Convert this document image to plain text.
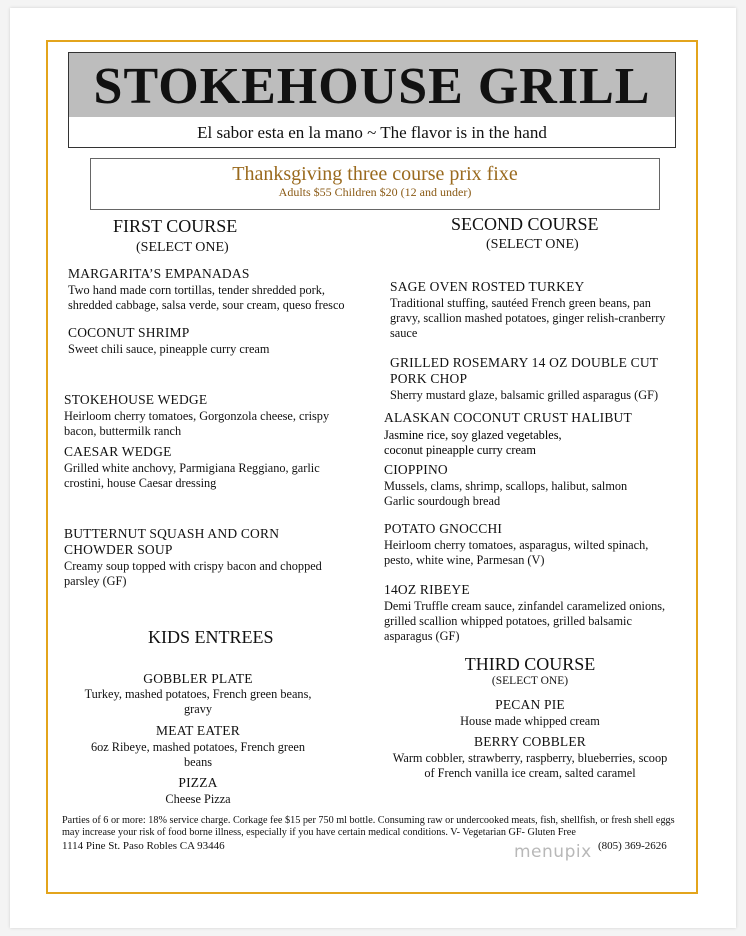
STOKEHOUSE GRILL
El sabor esta en la mano ~ The flavor is in the hand
Thanksgiving three course prix fixe
Adults $55 Children $20 (12 and under)
FIRST COURSE
(SELECT ONE)
MARGARITA’S EMPANADAS
Two hand made corn tortillas, tender shredded pork,
shredded cabbage, salsa verde, sour cream, queso fresco
COCONUT SHRIMP
Sweet chili sauce, pineapple curry cream
STOKEHOUSE WEDGE
Heirloom cherry tomatoes, Gorgonzola cheese, crispy
bacon, buttermilk ranch
CAESAR WEDGE
Grilled white anchovy, Parmigiana Reggiano, garlic
crostini, house Caesar dressing
BUTTERNUT SQUASH AND CORN
CHOWDER SOUP
Creamy soup topped with crispy bacon and chopped
parsley (GF)
KIDS ENTREES
GOBBLER PLATE
Turkey, mashed potatoes, French green beans,
gravy
MEAT EATER
6oz Ribeye, mashed potatoes, French green
beans
PIZZA
Cheese Pizza
SECOND COURSE
(SELECT ONE)
SAGE OVEN ROSTED TURKEY
Traditional stuffing, sautéed French green beans, pan
gravy, scallion mashed potatoes, ginger relish-cranberry
sauce
GRILLED ROSEMARY 14 OZ DOUBLE CUT
PORK CHOP
Sherry mustard glaze, balsamic grilled asparagus (GF)
ALASKAN COCONUT CRUST HALIBUT
Jasmine rice, soy glazed vegetables,
coconut pineapple curry cream
CIOPPINO
Mussels, clams, shrimp, scallops, halibut, salmon
Garlic sourdough bread
POTATO GNOCCHI
Heirloom cherry tomatoes, asparagus, wilted spinach,
pesto, white wine, Parmesan (V)
14OZ RIBEYE
Demi Truffle cream sauce, zinfandel caramelized onions,
grilled scallion whipped potatoes, grilled balsamic
asparagus (GF)
THIRD COURSE
(SELECT ONE)
PECAN PIE
House made whipped cream
BERRY COBBLER
Warm cobbler, strawberry, raspberry, blueberries, scoop
of French vanilla ice cream, salted caramel
Parties of 6 or more: 18% service charge. Corkage fee $15 per 750 ml bottle. Consuming raw or undercooked meats, fish, shellfish, or fresh shell eggs
may increase your risk of food borne illness, especially if you have certain medical conditions. V- Vegetarian GF- Gluten Free
1114 Pine St. Paso Robles CA 93446	(805) 369-2626
menupix
